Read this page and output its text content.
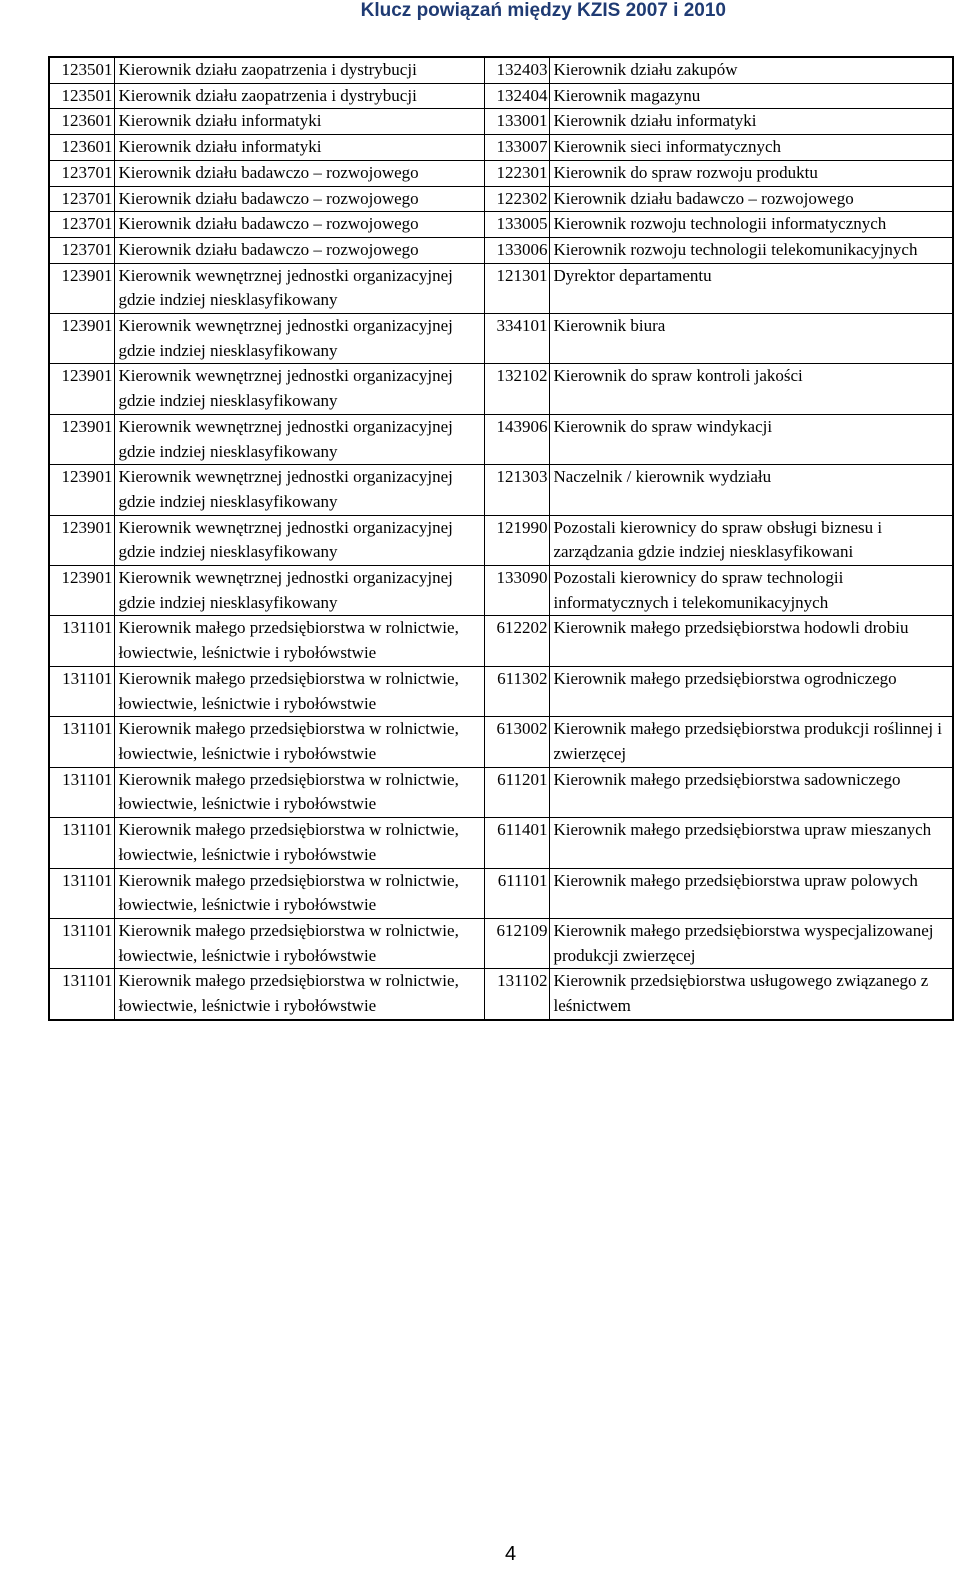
Klucz powiązań między KZIS 2007 i 2010
123501	Kierownik działu zaopatrzenia i dystrybucji	132403	Kierownik działu zakupów
123501	Kierownik działu zaopatrzenia i dystrybucji	132404	Kierownik magazynu
123601	Kierownik działu informatyki	133001	Kierownik działu informatyki
123601	Kierownik działu informatyki	133007	Kierownik sieci informatycznych
123701	Kierownik działu badawczo – rozwojowego	122301	Kierownik do spraw rozwoju produktu
123701	Kierownik działu badawczo – rozwojowego	122302	Kierownik działu badawczo – rozwojowego
123701	Kierownik działu badawczo – rozwojowego	133005	Kierownik rozwoju technologii informatycznych
123701	Kierownik działu badawczo – rozwojowego	133006	Kierownik rozwoju technologii telekomunikacyjnych
123901	Kierownik wewnętrznej jednostki organizacyjnej gdzie indziej niesklasyfikowany	121301	Dyrektor departamentu
123901	Kierownik wewnętrznej jednostki organizacyjnej gdzie indziej niesklasyfikowany	334101	Kierownik biura
123901	Kierownik wewnętrznej jednostki organizacyjnej gdzie indziej niesklasyfikowany	132102	Kierownik do spraw kontroli jakości
123901	Kierownik wewnętrznej jednostki organizacyjnej gdzie indziej niesklasyfikowany	143906	Kierownik do spraw windykacji
123901	Kierownik wewnętrznej jednostki organizacyjnej gdzie indziej niesklasyfikowany	121303	Naczelnik / kierownik wydziału
123901	Kierownik wewnętrznej jednostki organizacyjnej gdzie indziej niesklasyfikowany	121990	Pozostali kierownicy do spraw obsługi biznesu i zarządzania gdzie indziej niesklasyfikowani
123901	Kierownik wewnętrznej jednostki organizacyjnej gdzie indziej niesklasyfikowany	133090	Pozostali kierownicy do spraw technologii informatycznych i telekomunikacyjnych
131101	Kierownik małego przedsiębiorstwa w rolnictwie, łowiectwie, leśnictwie i rybołówstwie	612202	Kierownik małego przedsiębiorstwa hodowli drobiu
131101	Kierownik małego przedsiębiorstwa w rolnictwie, łowiectwie, leśnictwie i rybołówstwie	611302	Kierownik małego przedsiębiorstwa ogrodniczego
131101	Kierownik małego przedsiębiorstwa w rolnictwie, łowiectwie, leśnictwie i rybołówstwie	613002	Kierownik małego przedsiębiorstwa produkcji roślinnej i zwierzęcej
131101	Kierownik małego przedsiębiorstwa w rolnictwie, łowiectwie, leśnictwie i rybołówstwie	611201	Kierownik małego przedsiębiorstwa sadowniczego
131101	Kierownik małego przedsiębiorstwa w rolnictwie, łowiectwie, leśnictwie i rybołówstwie	611401	Kierownik małego przedsiębiorstwa upraw mieszanych
131101	Kierownik małego przedsiębiorstwa w rolnictwie, łowiectwie, leśnictwie i rybołówstwie	611101	Kierownik małego przedsiębiorstwa upraw polowych
131101	Kierownik małego przedsiębiorstwa w rolnictwie, łowiectwie, leśnictwie i rybołówstwie	612109	Kierownik małego przedsiębiorstwa wyspecjalizowanej produkcji zwierzęcej
131101	Kierownik małego przedsiębiorstwa w rolnictwie, łowiectwie, leśnictwie i rybołówstwie	131102	Kierownik przedsiębiorstwa usługowego związanego z leśnictwem
4
